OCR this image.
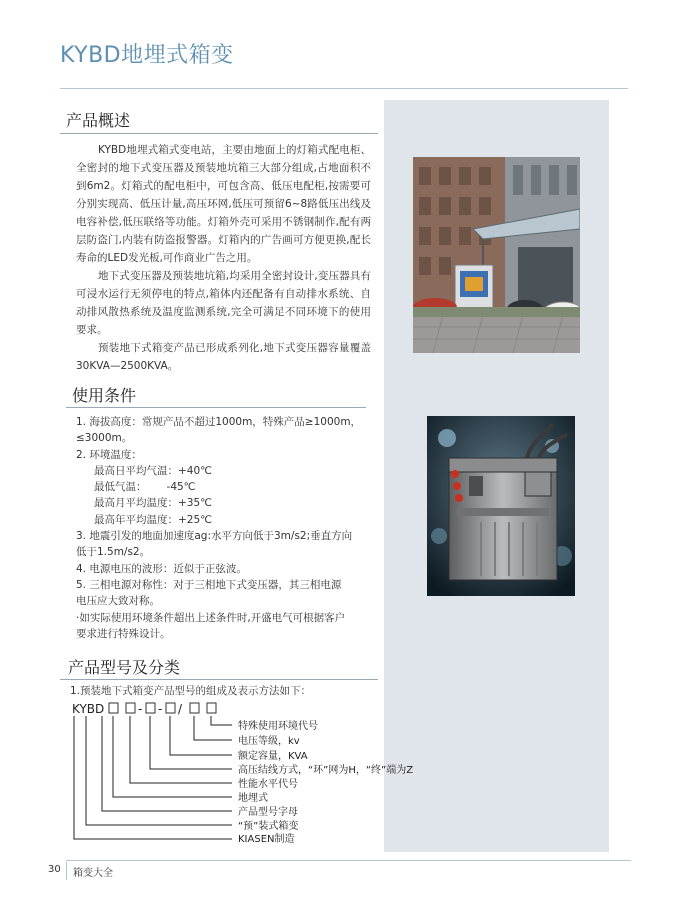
KYBD地埋式箱变
产品概述

KYBD地埋式箱式变电站，主要由地面上的灯箱式配电柜、全密封的地下式变压器及预装地坑箱三大部分组成,占地面积不到6m2。灯箱式的配电柜中，可包含高、低压电配柜,按需要可分别实现高、低压计量,高压环网,低压可预留6~8路低压出线及电容补偿,低压联络等功能。灯箱外壳可采用不锈钢制作,配有两层防盗门,内装有防盗报警器。灯箱内的广告画可方便更换,配长寿命的LED发光板,可作商业广告之用。

地下式变压器及预装地坑箱,均采用全密封设计,变压器具有可浸水运行无须停电的特点,箱体内还配备有自动排水系统、自动排风散热系统及温度监测系统,完全可满足不同环境下的使用要求。

预装地下式箱变产品已形成系列化,地下式变压器容量覆盖30KVA—2500KVA。

使用条件
1. 海拔高度：常规产品不超过1000m，特殊产品≥1000m，
≤3000m。
2. 环境温度：
最高日平均气温：+40℃
最低气温：      -45℃
最高月平均温度：+35℃
最高年平均温度：+25℃
3. 地震引发的地面加速度ag:水平方向低于3m/s2;垂直方向
低于1.5m/s2。
4. 电源电压的波形：近似于正弦波。
5. 三相电源对称性：对于三相地下式变压器，其三相电源
电压应大致对称。
·如实际使用环境条件超出上述条件时,开盛电气可根据客户
要求进行特殊设计。
产品型号及分类
1.预装地下式箱变产品型号的组成及表示方法如下：
KYBD	- - /
特殊使用环境代号
电压等级，kv
额定容量，KVA
高压结线方式，“环”网为H，“终”端为Z
性能水平代号
地埋式
产品型号字母
“预”装式箱变
KIASEN制造
30 箱变大全
